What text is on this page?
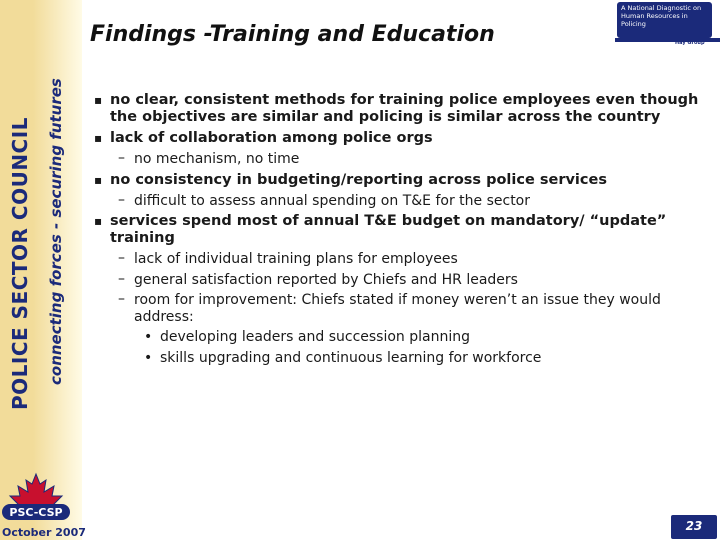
POLICE SECTOR COUNCIL connecting forces - securing futures
PSC-CSP
October 2007
Findings -Training and Education
A National Diagnostic on Human Resources in Policing
Hay Group
▪ no clear, consistent methods for training police employees even though the objectives are similar and policing is similar across the country
▪ lack of collaboration among police orgs
– no mechanism, no time
▪ no consistency in budgeting/reporting across police services
– difficult to assess annual spending on T&E for the sector
▪ services spend most of annual T&E budget on mandatory/ “update” training
– lack of individual training plans for employees
– general satisfaction reported by Chiefs and HR leaders
– room for improvement: Chiefs stated if money weren’t an issue they would address:
• developing leaders and succession planning
• skills upgrading and continuous learning for workforce
23
